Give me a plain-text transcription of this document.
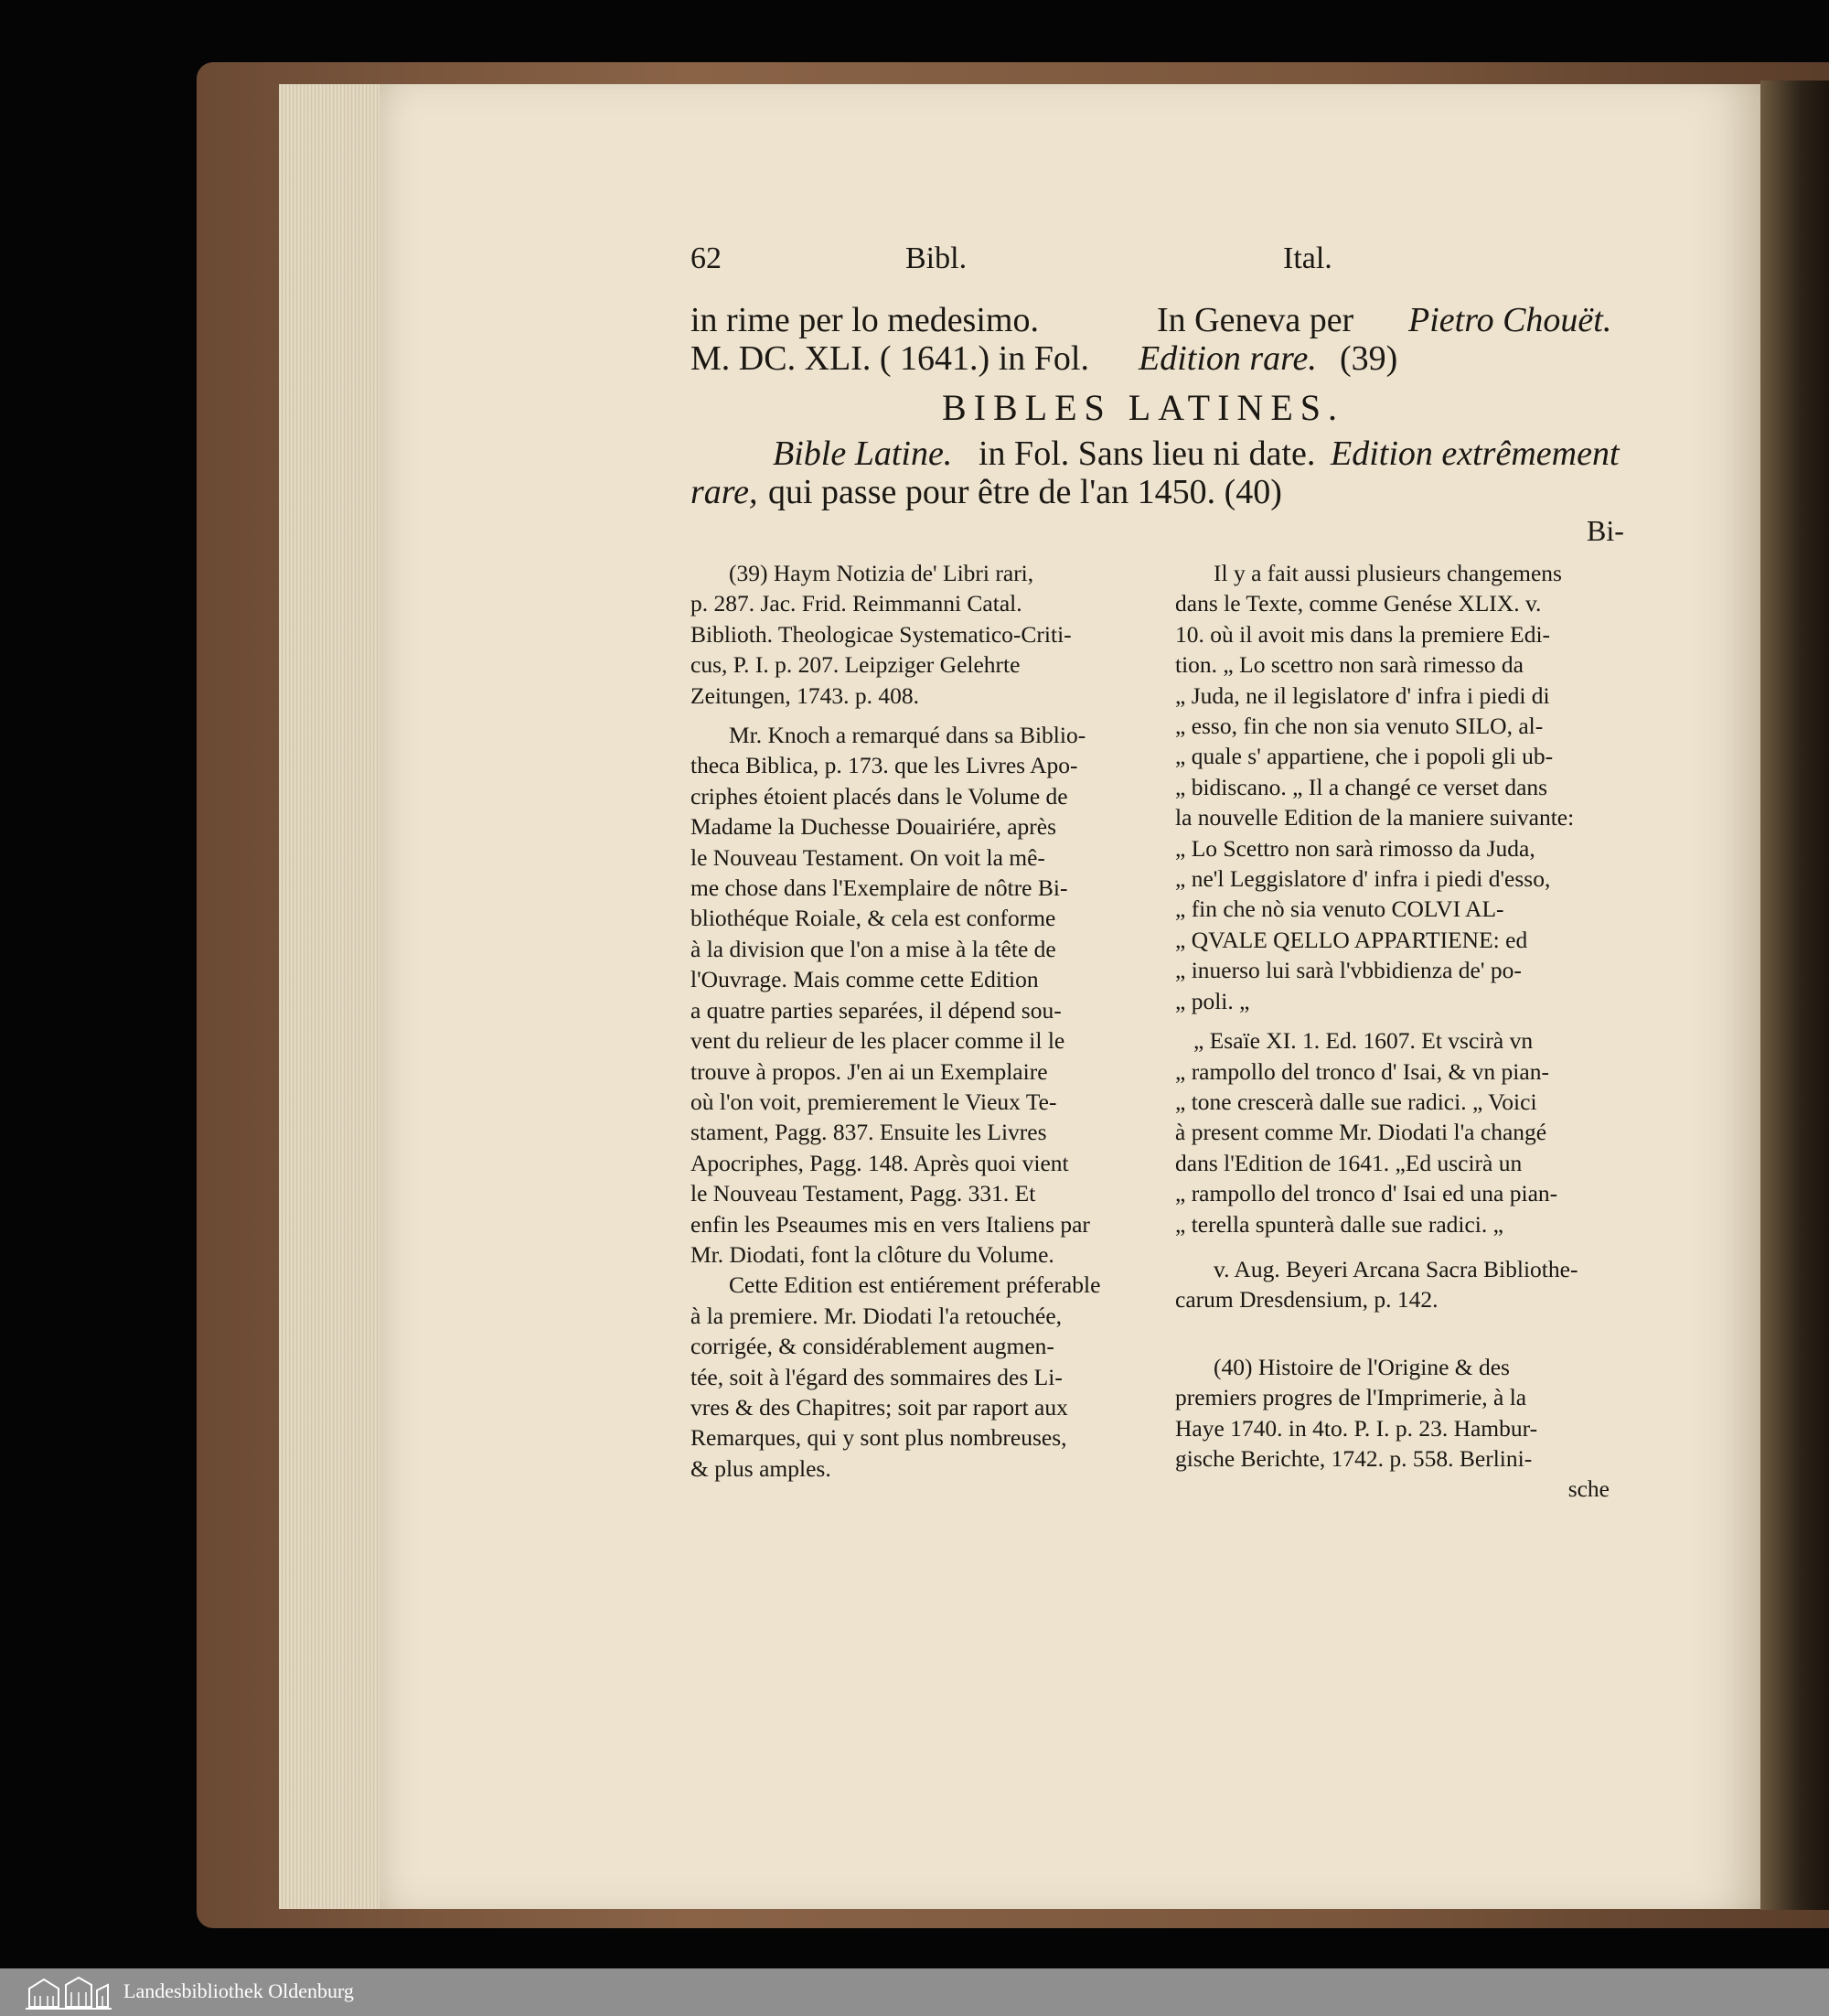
62	Bibl.	Ital.
in rime per lo medesimo.	In Geneva per Pietro Chouët.
M. DC. XLI. ( 1641.) in Fol. Edition rare. (39)
BIBLES LATINES.
Bible Latine. in Fol. Sans lieu ni date. Edition extrêmement
rare, qui passe pour être de l'an 1450. (40)
Bi-
(39) Haym Notizia de' Libri rari,
p. 287. Jac. Frid. Reimmanni Catal.
Biblioth. Theologicae Systematico-Criti-
cus, P. I. p. 207. Leipziger Gelehrte
Zeitungen, 1743. p. 408.
Mr. Knoch a remarqué dans sa Biblio-
theca Biblica, p. 173. que les Livres Apo-
criphes étoient placés dans le Volume de
Madame la Duchesse Douairiére, après
le Nouveau Testament. On voit la mê-
me chose dans l'Exemplaire de nôtre Bi-
bliothéque Roiale, & cela est conforme
à la division que l'on a mise à la tête de
l'Ouvrage. Mais comme cette Edition
a quatre parties separées, il dépend sou-
vent du relieur de les placer comme il le
trouve à propos. J'en ai un Exemplaire
où l'on voit, premierement le Vieux Te-
stament, Pagg. 837. Ensuite les Livres
Apocriphes, Pagg. 148. Après quoi vient
le Nouveau Testament, Pagg. 331. Et
enfin les Pseaumes mis en vers Italiens par
Mr. Diodati, font la clôture du Volume.
Cette Edition est entiérement préferable
à la premiere. Mr. Diodati l'a retouchée,
corrigée, & considérablement augmen-
tée, soit à l'égard des sommaires des Li-
vres & des Chapitres; soit par raport aux
Remarques, qui y sont plus nombreuses,
& plus amples.
Il y a fait aussi plusieurs changemens
dans le Texte, comme Genése XLIX. v.
10. où il avoit mis dans la premiere Edi-
tion. „ Lo scettro non sarà rimesso da
„ Juda, ne il legislatore d' infra i piedi di
„ esso, fin che non sia venuto SILO, al-
„ quale s' appartiene, che i popoli gli ub-
„ bidiscano. „ Il a changé ce verset dans
la nouvelle Edition de la maniere suivante:
„ Lo Scettro non sarà rimosso da Juda,
„ ne'l Leggislatore d' infra i piedi d'esso,
„ fin che nò sia venuto COLVI AL-
„ QVALE QELLO APPARTIENE: ed
„ inuerso lui sarà l'vbbidienza de' po-
„ poli. „
„ Esaïe XI. 1. Ed. 1607. Et vscirà vn
„ rampollo del tronco d' Isai, & vn pian-
„ tone crescerà dalle sue radici. „ Voici
à present comme Mr. Diodati l'a changé
dans l'Edition de 1641. „Ed uscirà un
„ rampollo del tronco d' Isai ed una pian-
„ terella spunterà dalle sue radici. „
v. Aug. Beyeri Arcana Sacra Bibliothe-
carum Dresdensium, p. 142.
(40) Histoire de l'Origine & des
premiers progres de l'Imprimerie, à la
Haye 1740. in 4to. P. I. p. 23. Hambur-
gische Berichte, 1742. p. 558. Berlini-
sche
Landesbibliothek Oldenburg
